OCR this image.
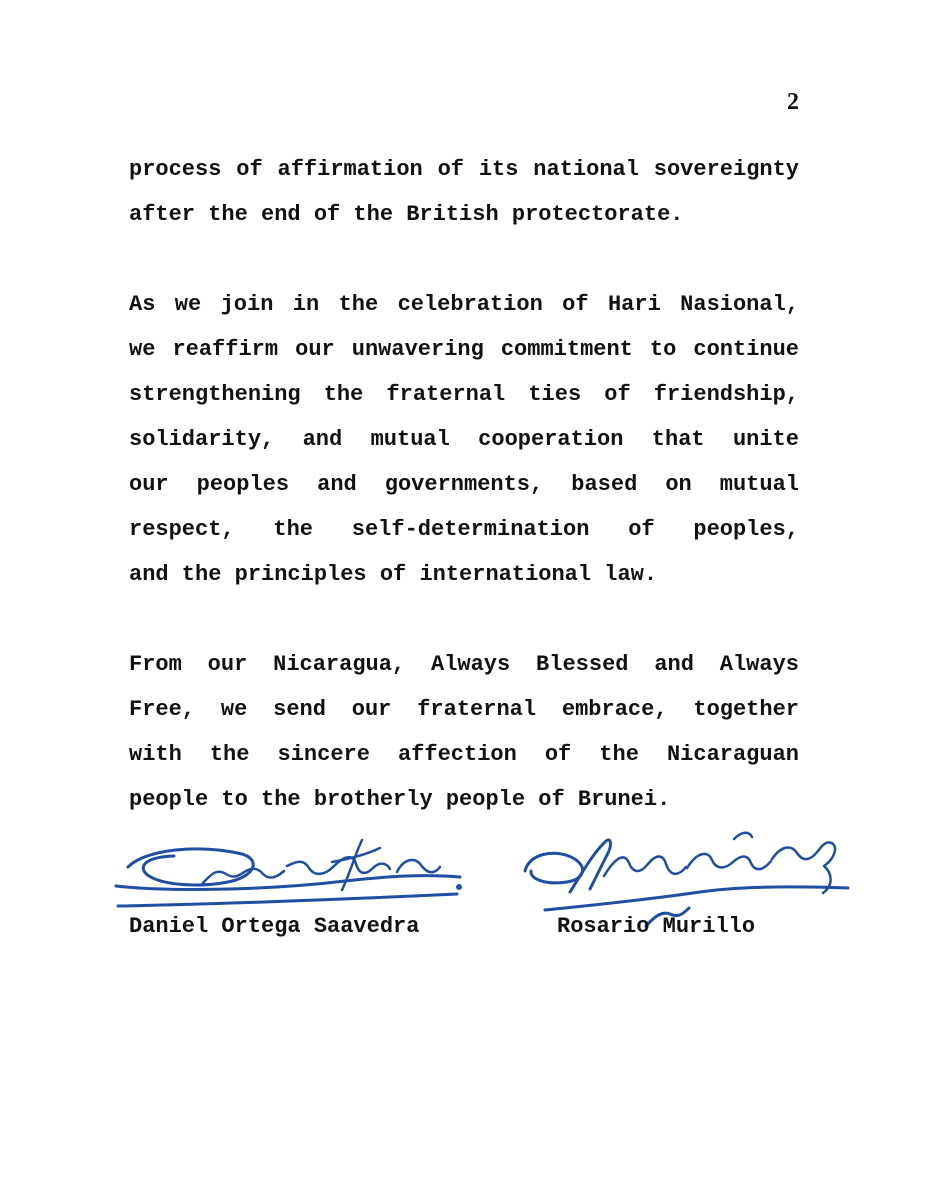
2

process of affirmation of its national sovereignty
after the end of the British protectorate.

As we join in the celebration of Hari Nasional,
we reaffirm our unwavering commitment to continue
strengthening the fraternal ties of friendship,
solidarity, and mutual cooperation that unite
our peoples and governments, based on mutual
respect, the self-determination of peoples,
and the principles of international law.

From our Nicaragua, Always Blessed and Always
Free, we send our fraternal embrace, together
with the sincere affection of the Nicaraguan
people to the brotherly people of Brunei.

Daniel Ortega Saavedra	Rosario Murillo
